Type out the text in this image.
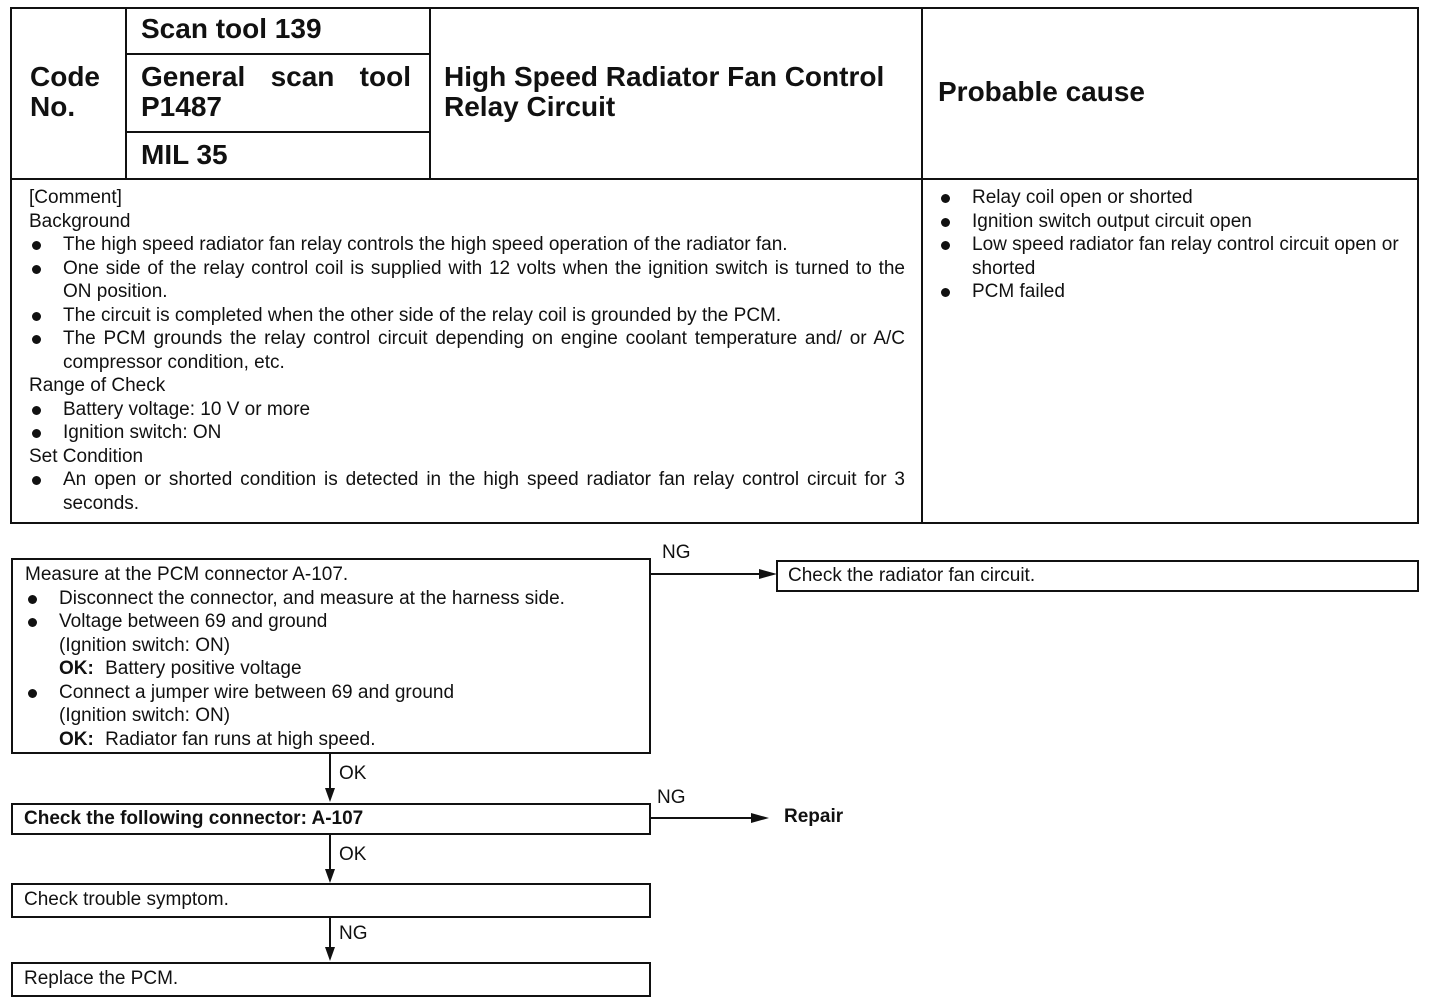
Code No.
Scan tool 139
General scan tool P1487
MIL 35
High Speed Radiator Fan Control Relay Circuit	Probable cause
[Comment]
Background
The high speed radiator fan relay controls the high speed operation of the radiator fan.
One side of the relay control coil is supplied with 12 volts when the ignition switch is turned to the ON position.
The circuit is completed when the other side of the relay coil is grounded by the PCM.
The PCM grounds the relay control circuit depending on engine coolant temperature and/ or A/C compressor condition, etc.
Range of Check
Battery voltage: 10 V or more
Ignition switch: ON
Set Condition
An open or shorted condition is detected in the high speed radiator fan relay control circuit for 3 seconds.
Relay coil open or shorted
Ignition switch output circuit open
Low speed radiator fan relay control circuit open or shorted
PCM failed
Measure at the PCM connector A-107.
Disconnect the connector, and measure at the harness side.
Voltage between 69 and ground
(Ignition switch: ON)
OK: Battery positive voltage
Connect a jumper wire between 69 and ground
(Ignition switch: ON)
OK: Radiator fan runs at high speed.
NG
Check the radiator fan circuit.
OK
Check the following connector: A-107
NG
Repair
OK
Check trouble symptom.
NG
Replace the PCM.
